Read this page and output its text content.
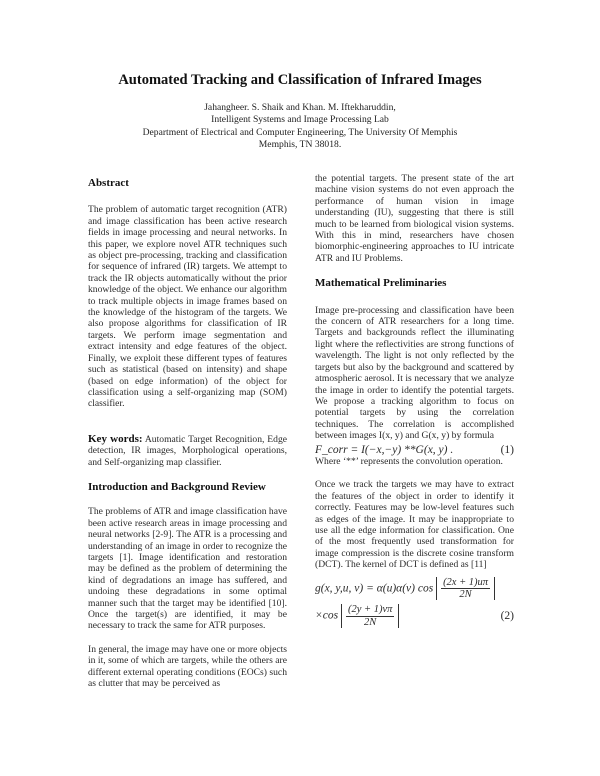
Automated Tracking and Classification of Infrared Images
Jahangheer. S. Shaik and Khan. M. Iftekharuddin,
Intelligent Systems and Image Processing Lab
Department of Electrical and Computer Engineering, The University Of Memphis
Memphis, TN 38018.
Abstract

The problem of automatic target recognition (ATR) and image classification has been active research fields in image processing and neural networks. In this paper, we explore novel ATR techniques such as object pre-processing, tracking and classification for sequence of infrared (IR) targets. We attempt to track the IR objects automatically without the prior knowledge of the object. We enhance our algorithm to track multiple objects in image frames based on the knowledge of the histogram of the targets. We also propose algorithms for classification of IR targets. We perform image segmentation and extract intensity and edge features of the object. Finally, we exploit these different types of features such as statistical (based on intensity) and shape (based on edge information) of the object for classification using a self-organizing map (SOM) classifier.

Key words: Automatic Target Recognition, Edge detection, IR images, Morphological operations, and Self-organizing map classifier.

Introduction and Background Review

The problems of ATR and image classification have been active research areas in image processing and neural networks [2-9]. The ATR is a processing and understanding of an image in order to recognize the targets [1]. Image identification and restoration may be defined as the problem of determining the kind of degradations an image has suffered, and undoing these degradations in some optimal manner such that the target may be identified [10]. Once the target(s) are identified, it may be necessary to track the same for ATR purposes.

In general, the image may have one or more objects in it, some of which are targets, while the others are different external operating conditions (EOCs) such as clutter that may be perceived as

the potential targets. The present state of the art machine vision systems do not even approach the performance of human vision in image understanding (IU), suggesting that there is still much to be learned from biological vision systems. With this in mind, researchers have chosen biomorphic-engineering approaches to IU intricate ATR and IU Problems.

Mathematical Preliminaries

Image pre-processing and classification have been the concern of ATR researchers for a long time. Targets and backgrounds reflect the illuminating light where the reflectivities are strong functions of wavelength. The light is not only reflected by the targets but also by the background and scattered by atmospheric aerosol. It is necessary that we analyze the image in order to identify the potential targets. We propose a tracking algorithm to focus on potential targets by using the correlation techniques. The correlation is accomplished between images I(x, y) and G(x, y) by formula

F_corr = I(−x,−y) **G(x, y) .	(1)

Where ‘**’ represents the convolution operation.

Once we track the targets we may have to extract the features of the object in order to identify it correctly. Features may be low-level features such as edges of the image. It may be inappropriate to use all the edge information for classification. One of the most frequently used transformation for image compression is the discrete cosine transform (DCT). The kernel of DCT is defined as [11]

g(x, y,u, v) = α(u)α(v) $\cos \frac{(2x + 1)u\pi}{2N}$
$\times\cos \frac{(2y + 1)v\pi}{2N}$	(2)
